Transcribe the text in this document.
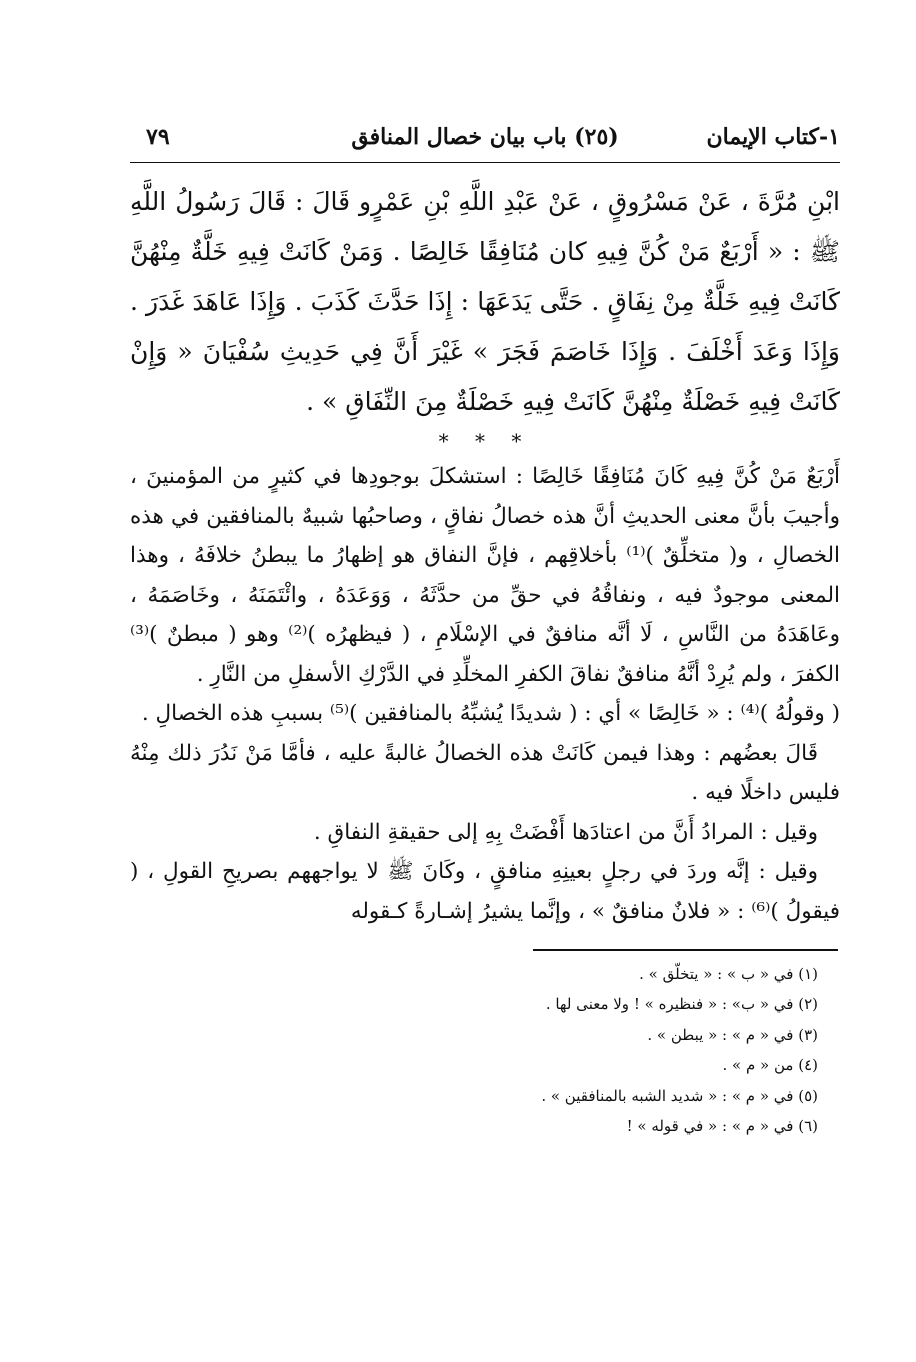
١-كتاب الإيمان
(٢٥) باب بيان خصال المنافق
٧٩

ابْنِ مُرَّةَ ، عَنْ مَسْرُوقٍ ، عَنْ عَبْدِ اللَّهِ بْنِ عَمْرٍو قَالَ : قَالَ رَسُولُ اللَّهِ ﷺ : « أَرْبَعٌ مَنْ كُنَّ فِيهِ كان مُنَافِقًا خَالِصًا . وَمَنْ كَانَتْ فِيهِ خَلَّةٌ مِنْهُنَّ كَانَتْ فِيهِ خَلَّةٌ مِنْ نِفَاقٍ . حَتَّى يَدَعَهَا : إِذَا حَدَّثَ كَذَبَ . وَإِذَا عَاهَدَ غَدَرَ . وَإِذَا وَعَدَ أَخْلَفَ . وَإِذَا خَاصَمَ فَجَرَ » غَيْرَ أَنَّ فِي حَدِيثِ سُفْيَانَ « وَإِنْ كَانَتْ فِيهِ خَصْلَةٌ مِنْهُنَّ كَانَتْ فِيهِ خَصْلَةٌ مِنَ النِّفَاقِ » .

* * *

أَرْبَعٌ مَنْ كُنَّ فِيهِ كَانَ مُنَافِقًا خَالِصًا : استشكلَ بوجودِها في كثيرٍ من المؤمنينَ ، وأجيبَ بأنَّ معنى الحديثِ أنَّ هذه خصالُ نفاقٍ ، وصاحبُها شبيهٌ بالمنافقين في هذه الخصالِ ، و( متخلِّقٌ )⁽¹⁾ بأخلاقِهم ، فإنَّ النفاق هو إظهارُ ما يبطنُ خلافَهُ ، وهذا المعنى موجودٌ فيه ، ونفاقُهُ في حقِّ من حدَّثَهُ ، وَوَعَدَهُ ، وائْتَمَنَهُ ، وخَاصَمَهُ ، وعَاهَدَهُ من النَّاسِ ، لَا أنَّه منافقٌ في الإسْلَامِ ، ( فيظهرُه )⁽²⁾ وهو ( مبطنٌ )⁽³⁾ الكفرَ ، ولم يُرِدْ أنَّهُ منافقٌ نفاقَ الكفرِ المخلِّدِ في الدَّرْكِ الأسفلِ من النَّارِ .

( وقولُهُ )⁽⁴⁾ : « خَالِصًا » أي : ( شديدًا يُشبِّهُ بالمنافقين )⁽⁵⁾ بسببِ هذه الخصالِ .

قَالَ بعضُهم : وهذا فيمن كَانَتْ هذه الخصالُ غالبةً عليه ، فأمَّا مَنْ نَدُرَ ذلك مِنْهُ فليس داخلًا فيه .

وقيل : المرادُ أَنَّ من اعتادَها أَفْضَتْ بِهِ إلى حقيقةِ النفاقِ .

وقيل : إنَّه وردَ في رجلٍ بعينِهِ منافقٍ ، وكَانَ ﷺ لا يواجههم بصريحِ القولِ ، ( فيقولُ )⁽⁶⁾ : « فلانٌ منافقٌ » ، وإنَّما يشيرُ إشـارةً كـقوله

(١) في « ب » : « يتخلّق » .
(٢) في « ب» : « فنظيره » ! ولا معنى لها .
(٣) في « م » : « يبطن » .
(٤) من « م » .
(٥) في « م » : « شديد الشبه بالمنافقين » .
(٦) في « م » : « في قوله » !
